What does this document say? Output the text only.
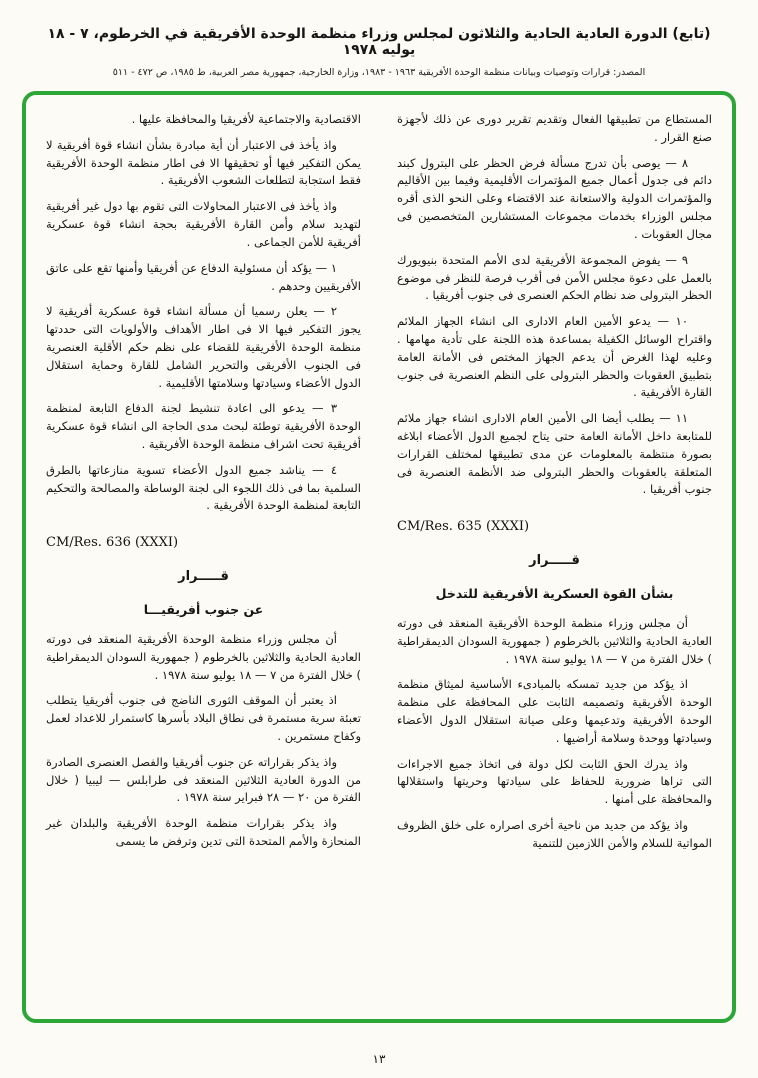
(تابع) الدورة العادية الحادية والثلاثون لمجلس وزراء منظمة الوحدة الأفريقية في الخرطوم، ٧ - ١٨ يوليه ١٩٧٨
المصدر: قرارات وتوصيات وبيانات منظمة الوحدة الأفريقية ١٩٦٣ - ١٩٨٣، وزارة الخارجية، جمهورية مصر العربية، ط ١٩٨٥، ص ٤٧٢ - ٥١١

المستطاع من تطبيقها الفعال وتقديم تقرير دورى عن ذلك لأجهزة صنع القرار .

٨ — يوصى بأن تدرج مسألة فرض الحظر على البترول كبند دائم فى جدول أعمال جميع المؤتمرات الأقليمية وفيما بين الأقاليم والمؤتمرات الدولية والاستعانة عند الاقتضاء وعلى النحو الذى أقره مجلس الوزراء بخدمات مجموعات المستشارين المتخصصين فى مجال العقوبات .

٩ — يفوض المجموعة الأفريقية لدى الأمم المتحدة بنيويورك بالعمل على دعوة مجلس الأمن فى أقرب فرصة للنظر فى موضوع الحظر البترولى ضد نظام الحكم العنصرى فى جنوب أفريقيا .

١٠ — يدعو الأمين العام الادارى الى انشاء الجهاز الملائم واقتراح الوسائل الكفيلة بمساعدة هذه اللجنة على تأدية مهامها . وعليه لهذا الغرض أن يدعم الجهاز المختص فى الأمانة العامة بتطبيق العقوبات والحظر البترولى على النظم العنصرية فى جنوب القارة الأفريقية .

١١ — يطلب أيضا الى الأمين العام الادارى انشاء جهاز ملائم للمتابعة داخل الأمانة العامة حتى يتاح لجميع الدول الأعضاء ابلاغه بصورة منتظمة بالمعلومات عن مدى تطبيقها لمختلف القرارات المتعلقة بالعقوبات والحظر البترولى ضد الأنظمة العنصرية فى جنوب أفريقيا .

CM/Res. 635 (XXXI)
قـــــرار
بشأن القوة العسكرية الأفريقية للتدخل

أن مجلس وزراء منظمة الوحدة الأفريقية المنعقد فى دورته العادية الحادية والثلاثين بالخرطوم ( جمهورية السودان الديمقراطية ) خلال الفترة من ٧ — ١٨ يوليو سنة ١٩٧٨ .

اذ يؤكد من جديد تمسكه بالمبادىء الأساسية لميثاق منظمة الوحدة الأفريقية وتصميمه الثابت على المحافظة على منظمة الوحدة الأفريقية وتدعيمها وعلى صيانة استقلال الدول الأعضاء وسيادتها ووحدة وسلامة أراضيها .

واذ يدرك الحق الثابت لكل دولة فى اتخاذ جميع الاجراءات التى تراها ضرورية للحفاظ على سيادتها وحريتها واستقلالها والمحافظة على أمنها .

واذ يؤكد من جديد من ناحية أخرى اصراره على خلق الظروف المواتية للسلام والأمن اللازمين للتنمية

الاقتصادية والاجتماعية لأفريقيا والمحافظة عليها .

واذ يأخذ فى الاعتبار أن أية مبادرة بشأن انشاء قوة أفريقية لا يمكن التفكير فيها أو تحقيقها الا فى اطار منظمة الوحدة الأفريقية فقط استجابة لتطلعات الشعوب الأفريقية .

واذ يأخذ فى الاعتبار المحاولات التى تقوم بها دول غير أفريقية لتهديد سلام وأمن القارة الأفريقية بحجة انشاء قوة عسكرية أفريقية للأمن الجماعى .

١ — يؤكد أن مسئولية الدفاع عن أفريقيا وأمنها تقع على عاتق الأفريقيين وحدهم .

٢ — يعلن رسميا أن مسألة انشاء قوة عسكرية أفريقية لا يجوز التفكير فيها الا فى اطار الأهداف والأولويات التى حددتها منظمة الوحدة الأفريقية للقضاء على نظم حكم الأقلية العنصرية فى الجنوب الأفريقى والتحرير الشامل للقارة وحماية استقلال الدول الأعضاء وسيادتها وسلامتها الأقليمية .

٣ — يدعو الى اعادة تنشيط لجنة الدفاع التابعة لمنظمة الوحدة الأفريقية توطئة لبحث مدى الحاجة الى انشاء قوة عسكرية أفريقية تحت اشراف منظمة الوحدة الأفريقية .

٤ — يناشد جميع الدول الأعضاء تسوية منازعاتها بالطرق السلمية بما فى ذلك اللجوء الى لجنة الوساطة والمصالحة والتحكيم التابعة لمنظمة الوحدة الأفريقية .

CM/Res. 636 (XXXI)
قـــــرار
عن جنوب أفريقيـــا

أن مجلس وزراء منظمة الوحدة الأفريقية المنعقد فى دورته العادية الحادية والثلاثين بالخرطوم ( جمهورية السودان الديمقراطية ) خلال الفترة من ٧ — ١٨ يوليو سنة ١٩٧٨ .

اذ يعتبر أن الموقف الثورى الناضج فى جنوب أفريقيا يتطلب تعبئة سرية مستمرة فى نطاق البلاد بأسرها كاستمرار للاعداد لعمل وكفاح مستمرين .

واذ يذكر بقراراته عن جنوب أفريقيا والفصل العنصرى الصادرة من الدورة العادية الثلاثين المنعقد فى طرابلس — ليبيا ( خلال الفترة من ٢٠ — ٢٨ فبراير سنة ١٩٧٨ .

واذ يذكر بقرارات منظمة الوحدة الأفريقية والبلدان غير المنحازة والأمم المتحدة التى تدين وترفض ما يسمى

١٣
